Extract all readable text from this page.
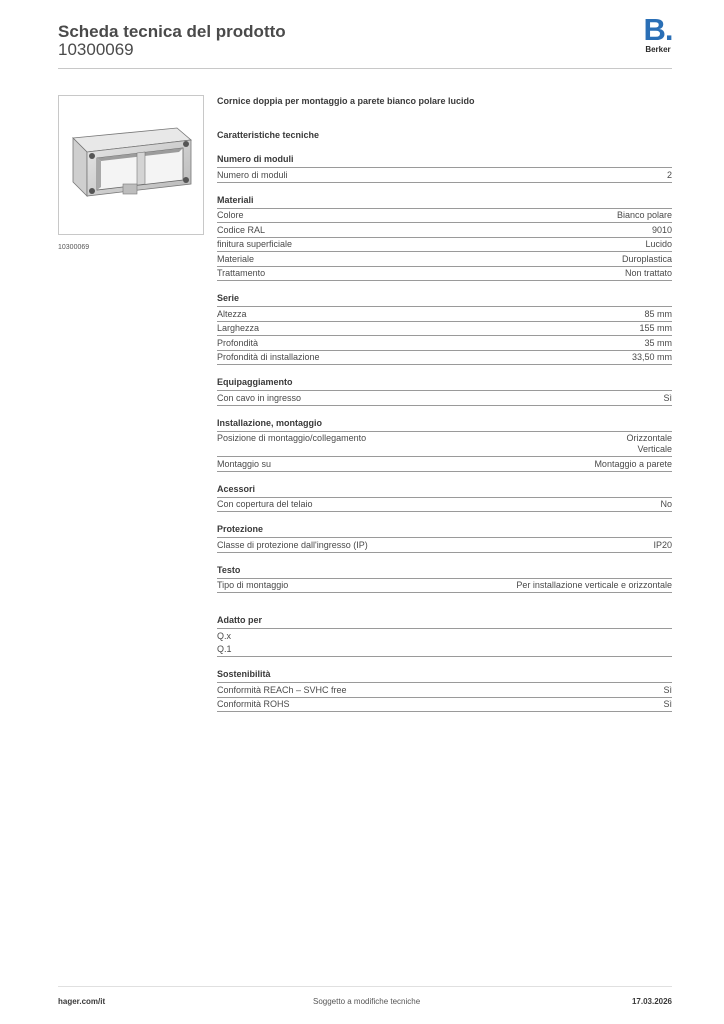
Scheda tecnica del prodotto
10300069
B.
Berker
10300069
Cornice doppia per montaggio a parete bianco polare lucido
Caratteristiche tecniche
Numero di moduli
Numero di moduli	2
Materiali
Colore	Bianco polare
Codice RAL	9010
finitura superficiale	Lucido
Materiale	Duroplastica
Trattamento	Non trattato
Serie
Altezza	85 mm
Larghezza	155 mm
Profondità	35 mm
Profondità di installazione	33,50 mm
Equipaggiamento
Con cavo in ingresso	Sì
Installazione, montaggio
Posizione di montaggio/collegamento	Orizzontale
Verticale
Montaggio su	Montaggio a parete
Acessori
Con copertura del telaio	No
Protezione
Classe di protezione dall'ingresso (IP)	IP20
Testo
Tipo di montaggio	Per installazione verticale e orizzontale
Adatto per
Q.x
Q.1
Sostenibilità
Conformità REACh – SVHC free	Sì
Conformità ROHS	Sì
hager.com/it	Soggetto a modifiche tecniche	17.03.2026
